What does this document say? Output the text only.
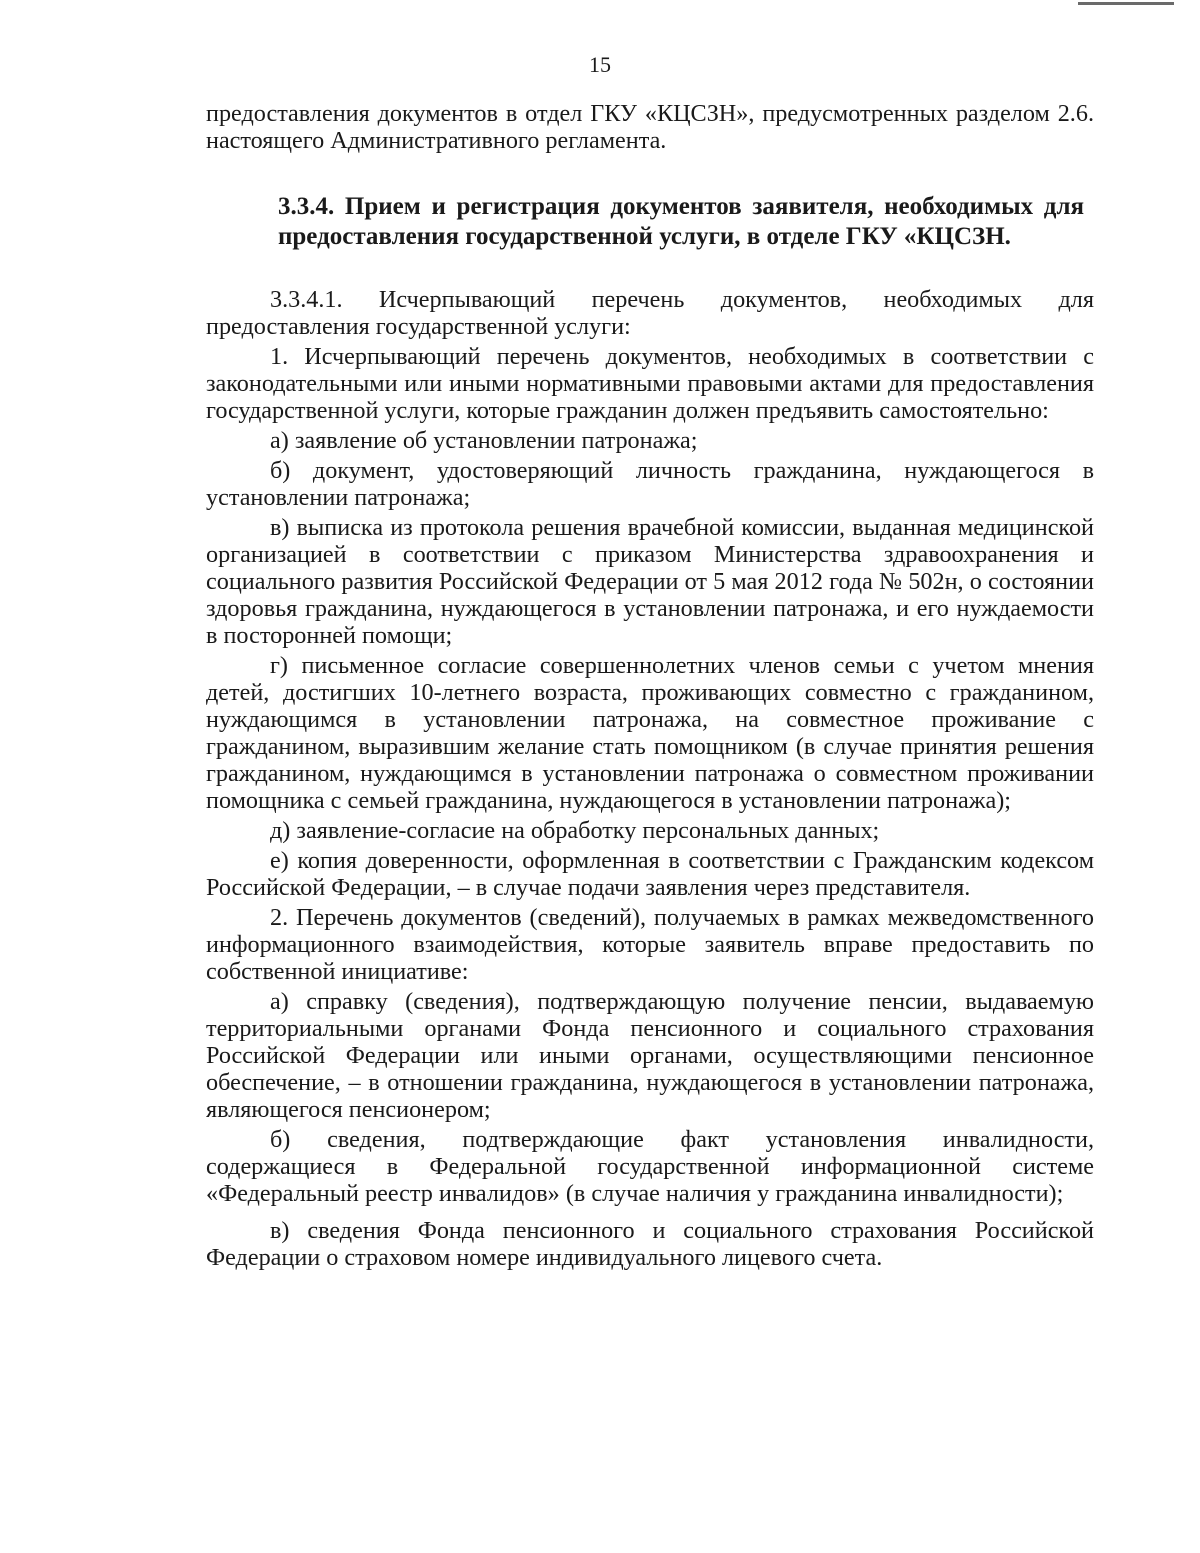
15

предоставления документов в отдел ГКУ «КЦСЗН», предусмотренных разделом 2.6. настоящего Административного регламента.

3.3.4. Прием и регистрация документов заявителя, необходимых для предоставления государственной услуги, в отделе ГКУ «КЦСЗН.

3.3.4.1. Исчерпывающий перечень документов, необходимых для предоставления государственной услуги:

1. Исчерпывающий перечень документов, необходимых в соответствии с законодательными или иными нормативными правовыми актами для предоставления государственной услуги, которые гражданин должен предъявить самостоятельно:

а) заявление об установлении патронажа;

б) документ, удостоверяющий личность гражданина, нуждающегося в установлении патронажа;

в) выписка из протокола решения врачебной комиссии, выданная медицинской организацией в соответствии с приказом Министерства здравоохранения и социального развития Российской Федерации от 5 мая 2012 года № 502н, о состоянии здоровья гражданина, нуждающегося в установлении патронажа, и его нуждаемости в посторонней помощи;

г) письменное согласие совершеннолетних членов семьи с учетом мнения детей, достигших 10-летнего возраста, проживающих совместно с гражданином, нуждающимся в установлении патронажа, на совместное проживание с гражданином, выразившим желание стать помощником (в случае принятия решения гражданином, нуждающимся в установлении патронажа о совместном проживании помощника с семьей гражданина, нуждающегося в установлении патронажа);

д) заявление-согласие на обработку персональных данных;

е) копия доверенности, оформленная в соответствии с Гражданским кодексом Российской Федерации, – в случае подачи заявления через представителя.

2. Перечень документов (сведений), получаемых в рамках межведомственного информационного взаимодействия, которые заявитель вправе предоставить по собственной инициативе:

а) справку (сведения), подтверждающую получение пенсии, выдаваемую территориальными органами Фонда пенсионного и социального страхования Российской Федерации или иными органами, осуществляющими пенсионное обеспечение, – в отношении гражданина, нуждающегося в установлении патронажа, являющегося пенсионером;

б) сведения, подтверждающие факт установления инвалидности, содержащиеся в Федеральной государственной информационной системе «Федеральный реестр инвалидов» (в случае наличия у гражданина инвалидности);

в) сведения Фонда пенсионного и социального страхования Российской Федерации о страховом номере индивидуального лицевого счета.
